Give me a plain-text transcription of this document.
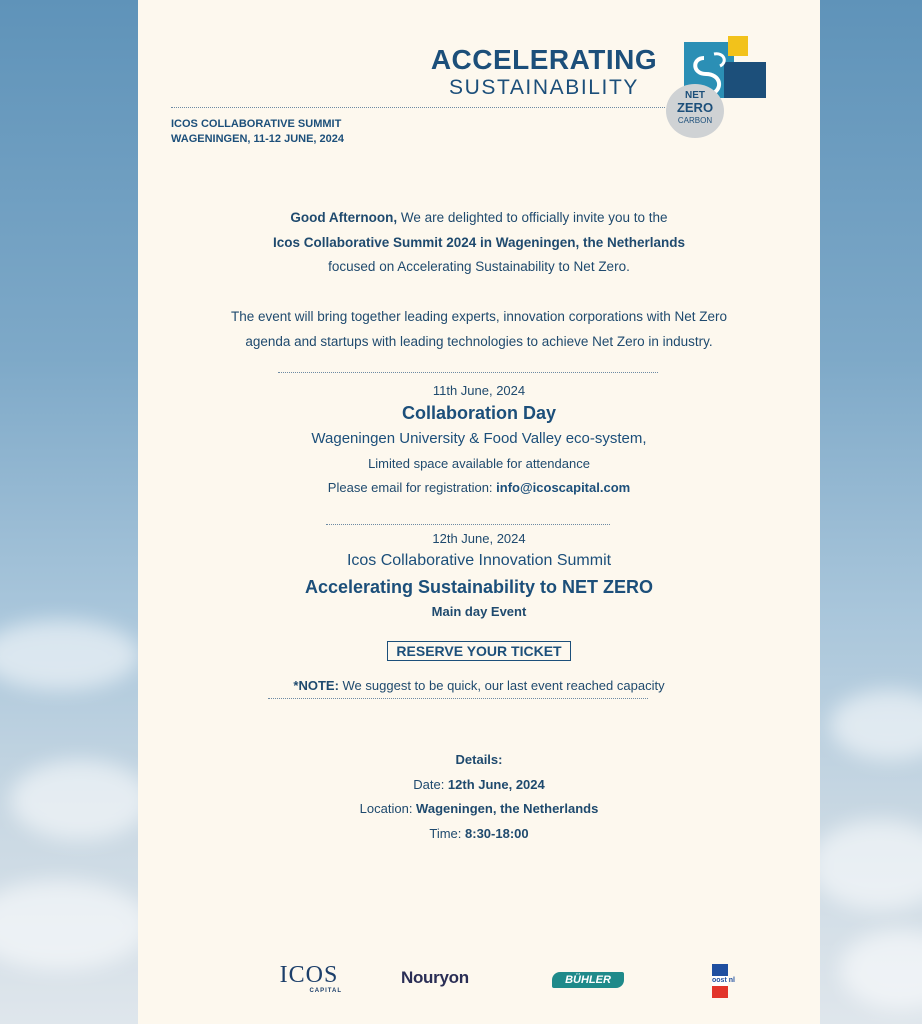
ACCELERATING
SUSTAINABILITY	NET
ZERO
CARBON
ICOS COLLABORATIVE SUMMIT
WAGENINGEN, 11-12 JUNE, 2024
Good Afternoon, We are delighted to officially invite you to the
Icos Collaborative Summit 2024 in Wageningen, the Netherlands
focused on Accelerating Sustainability to Net Zero.
The event will bring together leading experts, innovation corporations with Net Zero
agenda and startups with leading technologies to achieve Net Zero in industry.
11th June, 2024
Collaboration Day
Wageningen University & Food Valley eco-system,
Limited space available for attendance
Please email for registration: info@icoscapital.com
12th June, 2024
Icos Collaborative Innovation Summit
Accelerating Sustainability to NET ZERO
Main day Event
RESERVE YOUR TICKET
*NOTE: We suggest to be quick, our last event reached capacity
Details:
Date: 12th June, 2024
Location: Wageningen, the Netherlands
Time: 8:30-18:00
ICOS
CAPITAL
Nouryon	BÜHLER	oost nl
